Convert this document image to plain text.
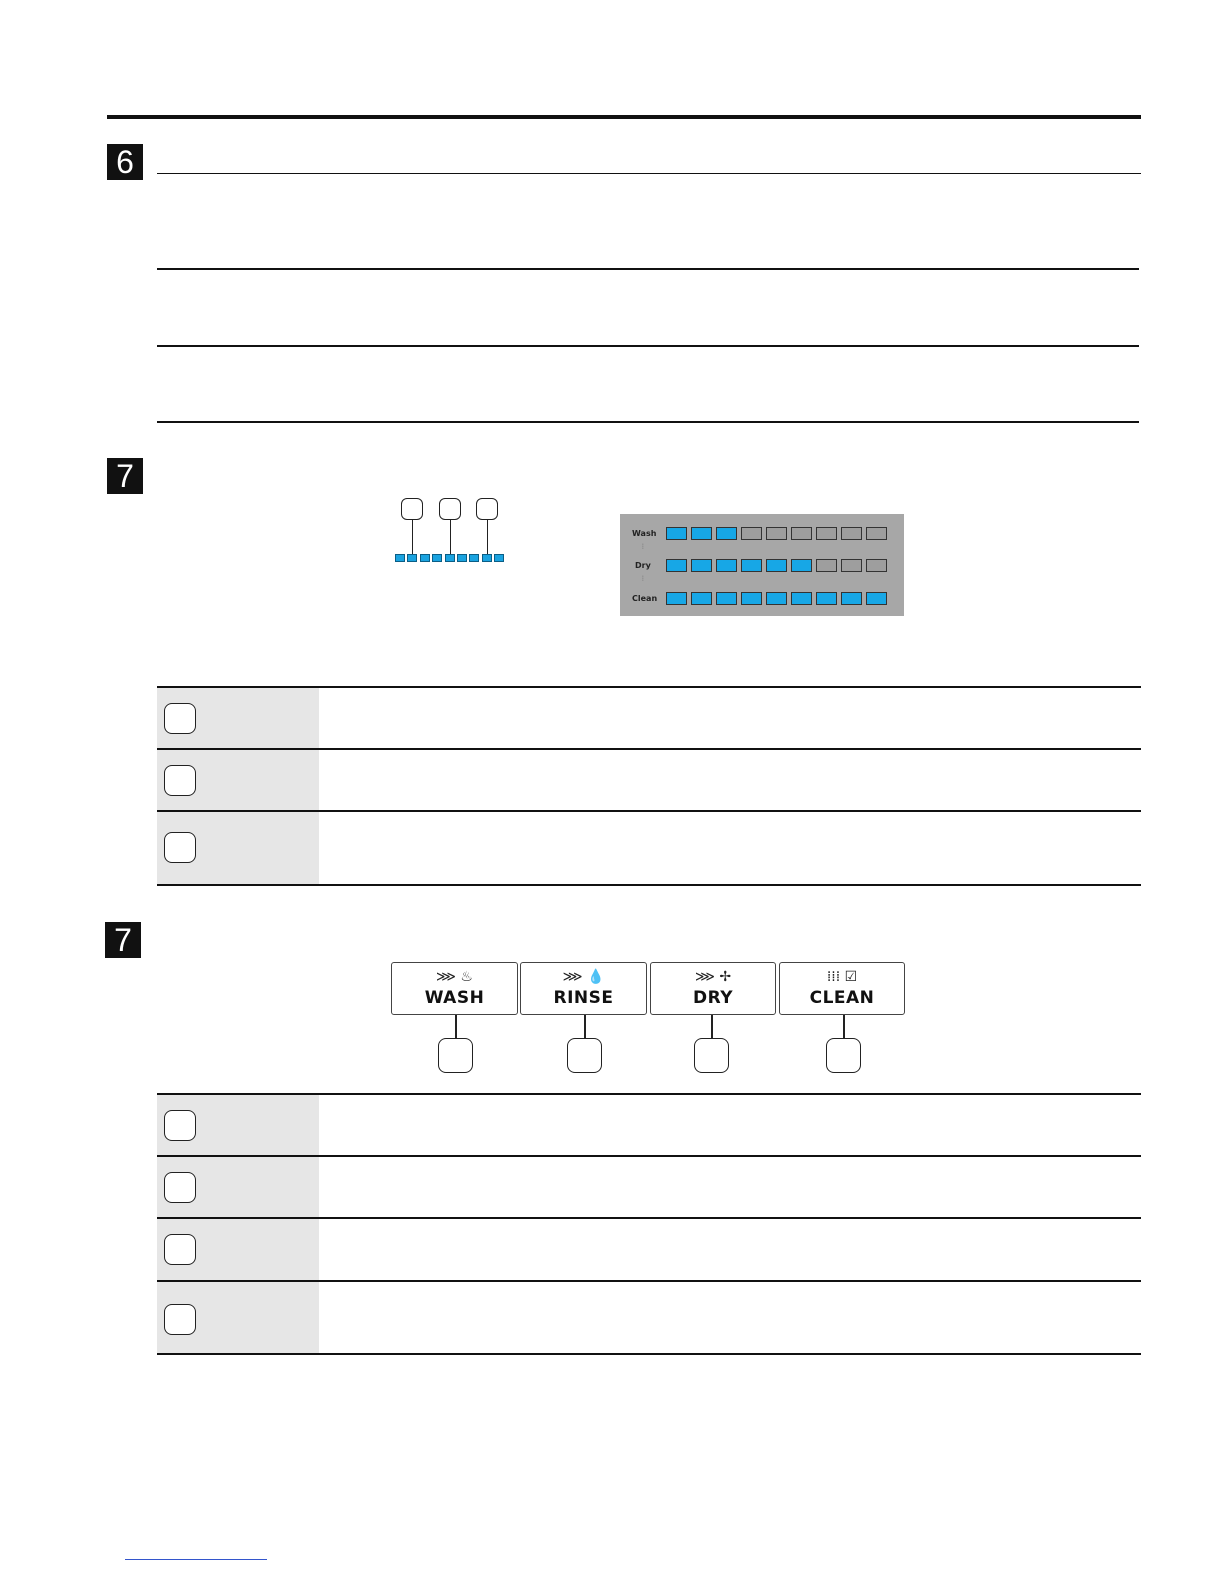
6
7
Wash
⋮
Dry
⋮
Clean
7
⋙ ♨
WASH
⋙ 💧
RINSE
⋙ ✢
DRY
⁞⁞⁞ ☑
CLEAN
